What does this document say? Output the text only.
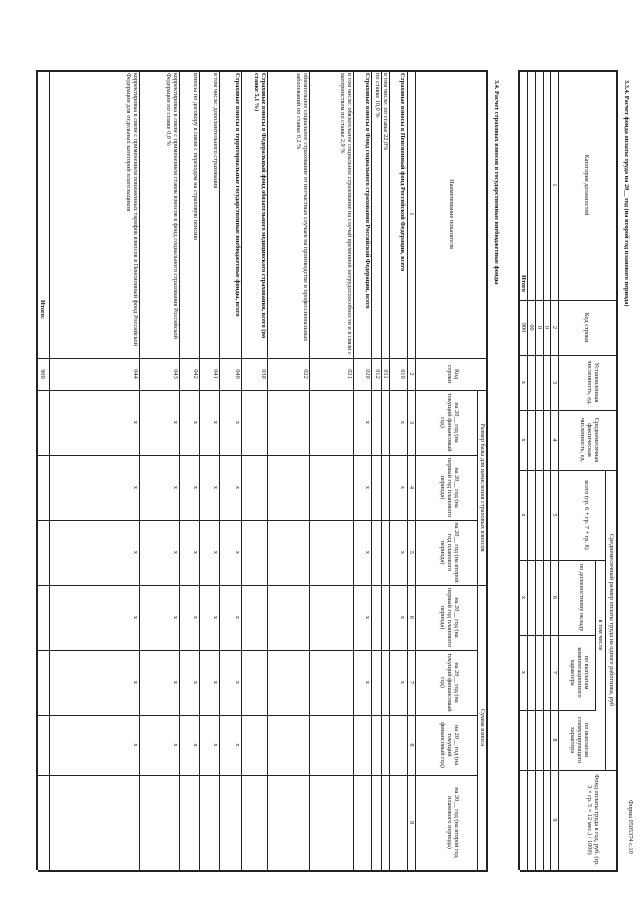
Форма 0505374 с.10
3.3.4. Расчет фонда оплаты труда на 20__ год (на второй год планового периода)
Категория должностей
Код строки
Установленная численность, ед.
Среднемесячная фактическая численность, ед.
Среднемесячный размер оплаты труда на одного работника, руб
всего (гр. 6 + гр. 7 + гр. 8)
в том числе
по должностному окладу
по выплатам компенсационного характера
по выплатам стимулирующего характера
Фонд оплаты труда в год, руб. (гр. 3 × гр. 5 × 12 мес.) / 1000)
1
2
3
4
5
6
7
8
9
0
0
00
Итого
900
x
x
x
x
x
3.4. Расчет страховых взносов в государственные внебюджетные фонды
Наименование показателя
Код строки
Размер базы для начисления страховых взносов
Сумма взноса
на 20__ год (на текущий финансовый год)
на 20__ год (на первый год планового периода)
на 20__ год (на второй год планового периода)
на 20__ год (на первый год планового периода)
на 20__ год (на текущий финансовый год)
на 20__ год (на текущий финансовый год)
на 20__ год (на второй год планового периода)
1
2
3
4
5
6
7
8
9
Страховые взносы в Пенсионный фонд Российской Федерации, всего
010
x
x
x
x
x
в том числе: по ставке 22,0%
011
по ставке 10,0 %
012
Страховые взносы в Фонд социального страхования Российской Федерации, всего
020
x
x
x
x
x
в том числе: обязательное социальное страхование на случай временной нетрудоспособности и в связи с материнством по ставке 2,9 %
021
обязательное социальное страхование от несчастных случаев на производстве и профессиональных заболеваний по ставке 0,2 %
022
Страховые взносы в Федеральный фонд обязательного медицинского страхования, всего (по ставке 5,1 %)
030
Страховые взносы в территориальные государственные внебюджетные фонды, всего
040
x
x
x
x
x
x
в том числе: дополнительного страхования
041
x
x
x
x
x
x
взносы по договору в связи с переходом на страховую пенсию
042
x
x
x
x
x
x
корректировка в связи с применением ставок взносов в фонд социального страхования Российской Федерации по ставке 0,0 %
043
x
x
x
x
x
x
корректировка в связи с применением пониженных тарифов взносов в Пенсионный фонд Российской Федерации для отдельных категорий плательщиков
044
x
x
x
x
x
x
Итого:
900
